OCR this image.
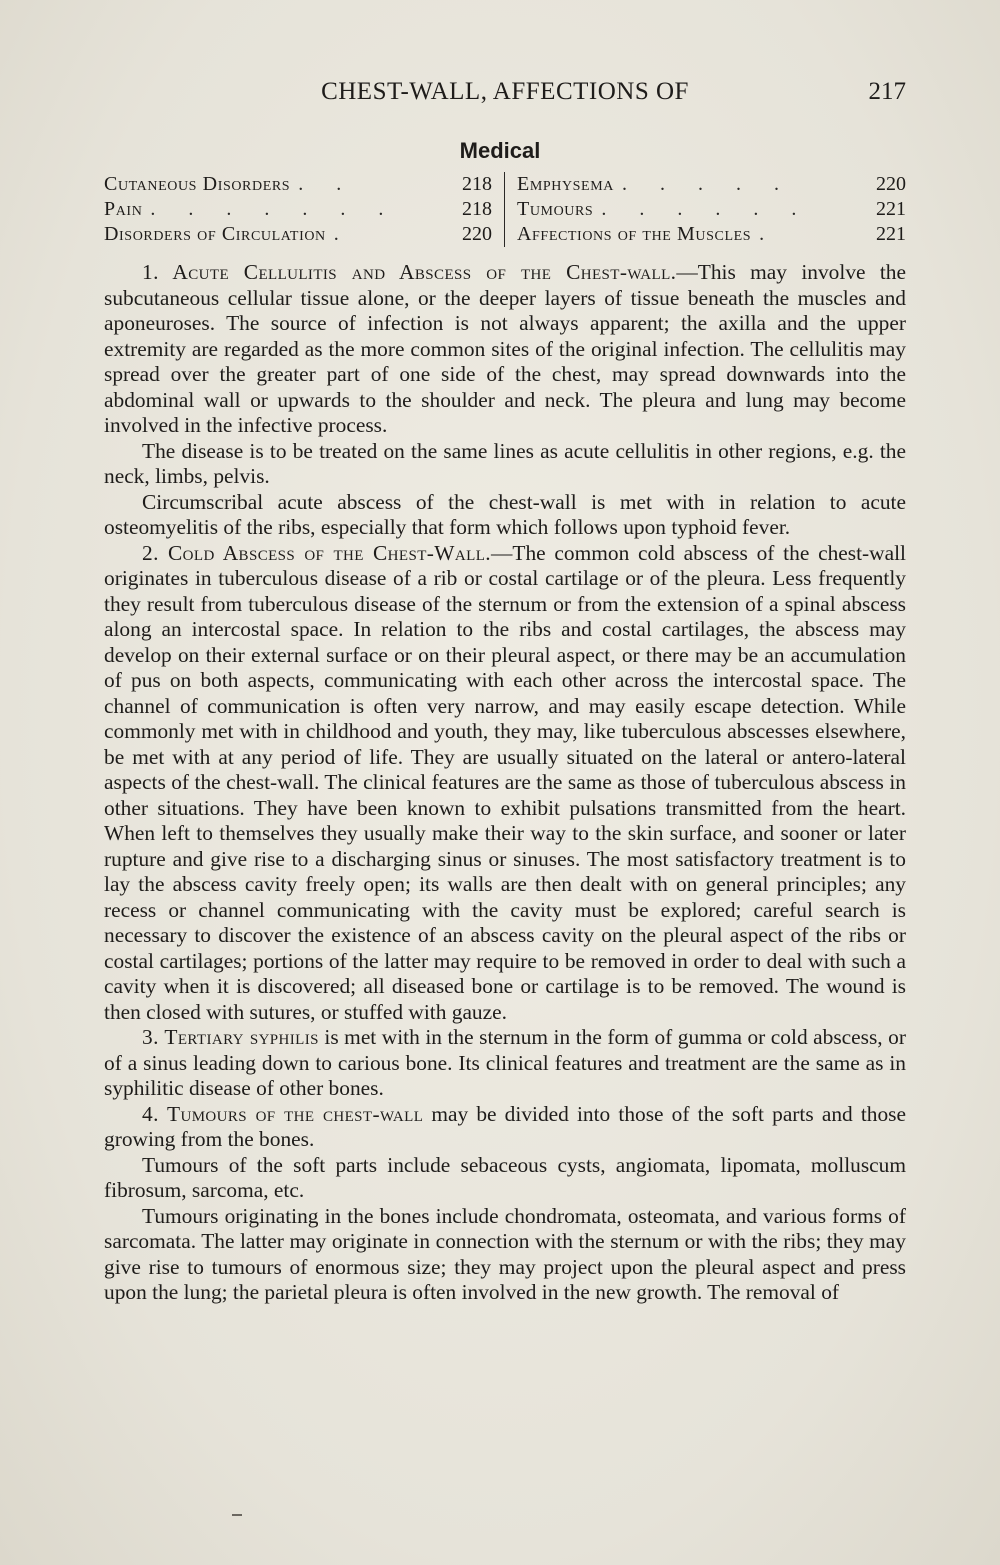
CHEST-WALL, AFFECTIONS OF	217
Medical
Cutaneous Disorders . .	218
Pain . . . . . . .	218
Disorders of Circulation .	220
Emphysema . . . . .	220
Tumours . . . . . .	221
Affections of the Muscles .	221

1. Acute Cellulitis and Abscess of the Chest-wall.—This may involve the subcutaneous cellular tissue alone, or the deeper layers of tissue beneath the muscles and aponeuroses. The source of infection is not always apparent; the axilla and the upper extremity are regarded as the more common sites of the original infection. The cellulitis may spread over the greater part of one side of the chest, may spread downwards into the abdominal wall or upwards to the shoulder and neck. The pleura and lung may become involved in the infective process.

The disease is to be treated on the same lines as acute cellulitis in other regions, e.g. the neck, limbs, pelvis.

Circumscribal acute abscess of the chest-wall is met with in relation to acute osteomyelitis of the ribs, especially that form which follows upon typhoid fever.

2. Cold Abscess of the Chest-Wall.—The common cold abscess of the chest-wall originates in tuberculous disease of a rib or costal cartilage or of the pleura. Less frequently they result from tuberculous disease of the sternum or from the extension of a spinal abscess along an intercostal space. In relation to the ribs and costal cartilages, the abscess may develop on their external surface or on their pleural aspect, or there may be an accumulation of pus on both aspects, communicating with each other across the intercostal space. The channel of communication is often very narrow, and may easily escape detection. While commonly met with in childhood and youth, they may, like tuberculous abscesses elsewhere, be met with at any period of life. They are usually situated on the lateral or antero-lateral aspects of the chest-wall. The clinical features are the same as those of tuberculous abscess in other situations. They have been known to exhibit pulsations transmitted from the heart. When left to themselves they usually make their way to the skin surface, and sooner or later rupture and give rise to a discharging sinus or sinuses. The most satisfactory treatment is to lay the abscess cavity freely open; its walls are then dealt with on general principles; any recess or channel communicating with the cavity must be explored; careful search is necessary to discover the existence of an abscess cavity on the pleural aspect of the ribs or costal cartilages; portions of the latter may require to be removed in order to deal with such a cavity when it is discovered; all diseased bone or cartilage is to be removed. The wound is then closed with sutures, or stuffed with gauze.

3. Tertiary syphilis is met with in the sternum in the form of gumma or cold abscess, or of a sinus leading down to carious bone. Its clinical features and treatment are the same as in syphilitic disease of other bones.

4. Tumours of the chest-wall may be divided into those of the soft parts and those growing from the bones.

Tumours of the soft parts include sebaceous cysts, angiomata, lipomata, molluscum fibrosum, sarcoma, etc.

Tumours originating in the bones include chondromata, osteomata, and various forms of sarcomata. The latter may originate in connection with the sternum or with the ribs; they may give rise to tumours of enormous size; they may project upon the pleural aspect and press upon the lung; the parietal pleura is often involved in the new growth. The removal of
